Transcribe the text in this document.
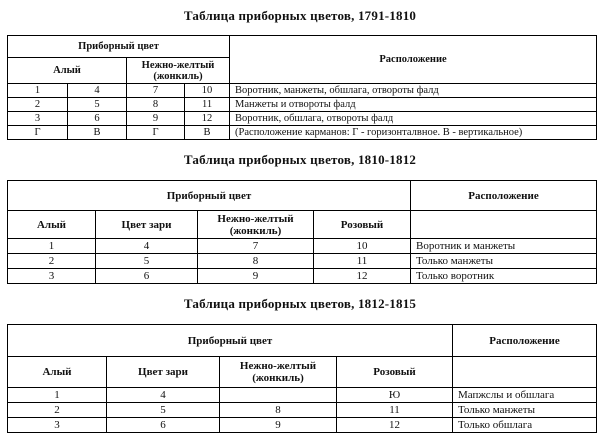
Таблица приборных цветов, 1791-1810
Приборный цвет				Расположение
Алый		Нежно-желтый (жонкиль)		
1	4	7	10	Воротник, манжеты, обшлага, отвороты фалд
2	5	8	11	Манжеты и отвороты фалд
3	6	9	12	Воротник, обшлага, отвороты фалд
Г	В	Г	В	(Расположение карманов: Г - горизонталвное. В - вертикальное)
Таблица приборных цветов, 1810-1812
Приборный цвет				Расположение
Алый	Цвет зари	Нежно-желтый (жонкиль)	Розовый	
1	4	7	10	Воротник и манжеты
2	5	8	11	Только манжеты
3	6	9	12	Только воротник
Таблица приборных цветов, 1812-1815
Приборный цвет				Расположение
Алый	Цвет зари	Нежно-желтый (жонкиль)	Розовый	
1	4		Ю	Мапжслы и обшлага
2	5	8	11	Только манжеты
3	6	9	12	Только обшлага
